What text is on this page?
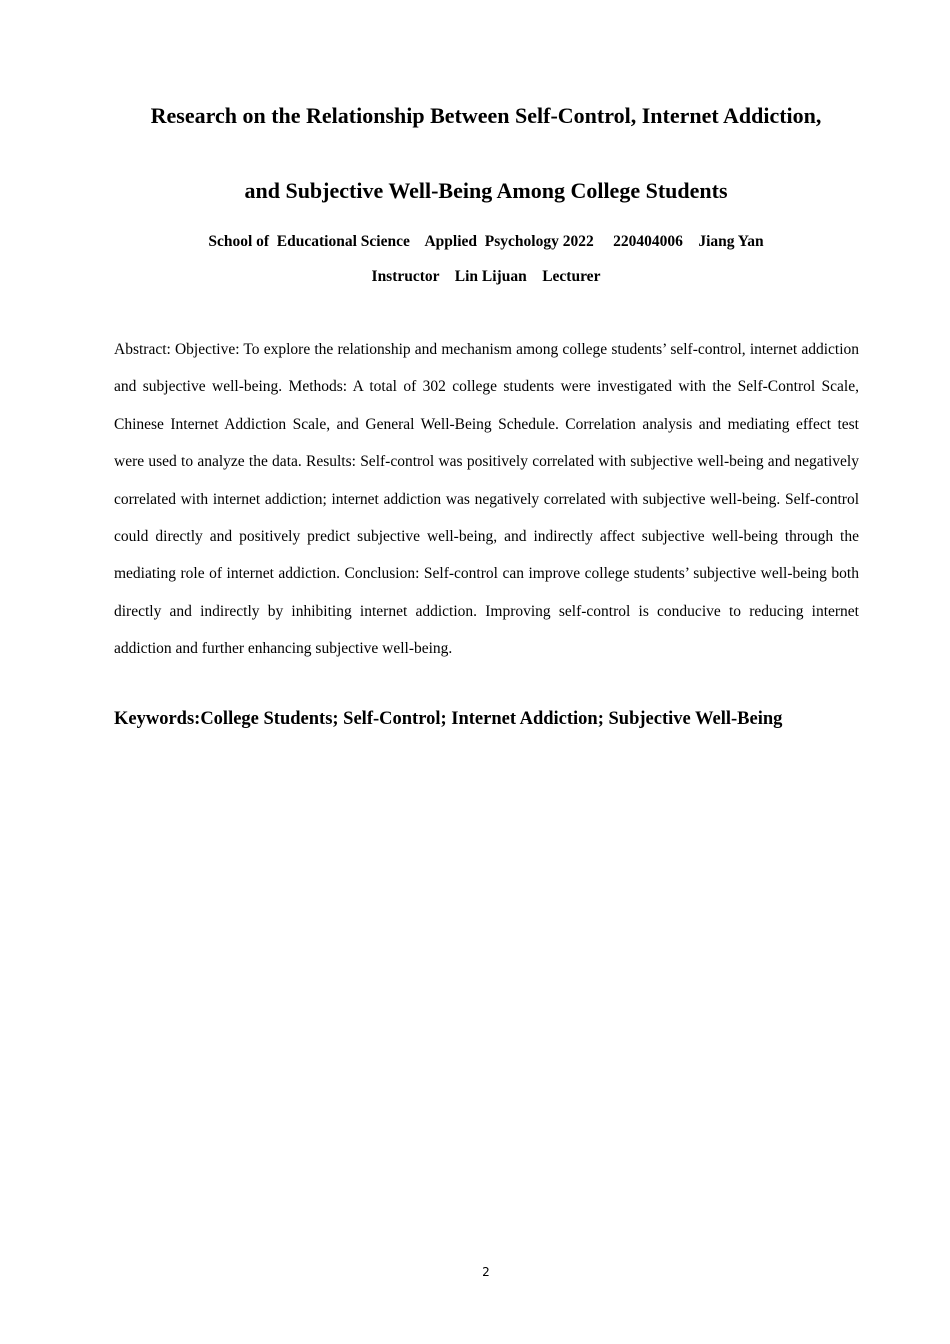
Research on the Relationship Between Self-Control, Internet Addiction,
and Subjective Well-Being Among College Students
School of  Educational Science    Applied  Psychology 2022     220404006    Jiang Yan
Instructor    Lin Lijuan    Lecturer

Abstract: Objective: To explore the relationship and mechanism among college students’ self-control, internet addiction and subjective well-being. Methods: A total of 302 college students were investigated with the Self-Control Scale, Chinese Internet Addiction Scale, and General Well-Being Schedule. Correlation analysis and mediating effect test were used to analyze the data. Results: Self-control was positively correlated with subjective well-being and negatively correlated with internet addiction; internet addiction was negatively correlated with subjective well-being. Self-control could directly and positively predict subjective well-being, and indirectly affect subjective well-being through the mediating role of internet addiction. Conclusion: Self-control can improve college students’ subjective well-being both directly and indirectly by inhibiting internet addiction. Improving self-control is conducive to reducing internet addiction and further enhancing subjective well-being.

Keywords:College Students; Self-Control; Internet Addiction; Subjective Well-Being
2
